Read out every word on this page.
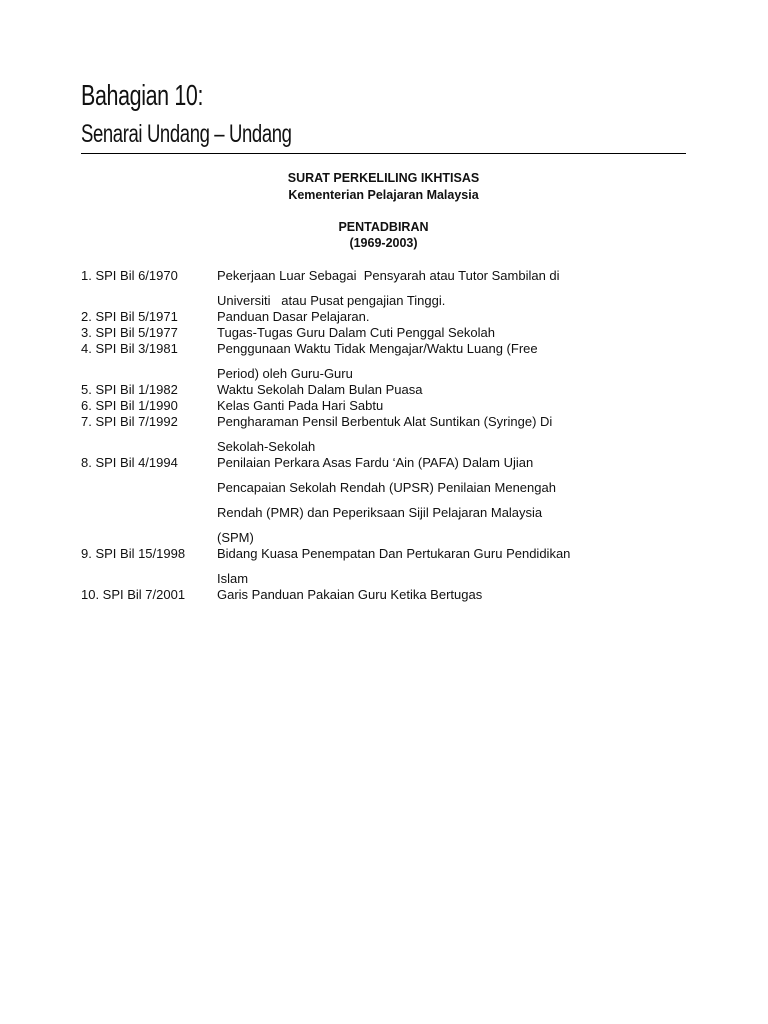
Bahagian 10:
Senarai Undang – Undang
SURAT PERKELILING IKHTISAS
Kementerian Pelajaran Malaysia
PENTADBIRAN
(1969-2003)
1. SPI Bil 6/1970	Pekerjaan Luar Sebagai  Pensyarah atau Tutor Sambilan di
Universiti   atau Pusat pengajian Tinggi.
2. SPI Bil 5/1971	Panduan Dasar Pelajaran.
3. SPI Bil 5/1977	Tugas-Tugas Guru Dalam Cuti Penggal Sekolah
4. SPI Bil 3/1981	Penggunaan Waktu Tidak Mengajar/Waktu Luang (Free
Period) oleh Guru-Guru
5. SPI Bil 1/1982	Waktu Sekolah Dalam Bulan Puasa
6. SPI Bil 1/1990	Kelas Ganti Pada Hari Sabtu
7. SPI Bil 7/1992	Pengharaman Pensil Berbentuk Alat Suntikan (Syringe) Di
Sekolah-Sekolah
8. SPI Bil 4/1994	Penilaian Perkara Asas Fardu ‘Ain (PAFA) Dalam Ujian
Pencapaian Sekolah Rendah (UPSR) Penilaian Menengah
Rendah (PMR) dan Peperiksaan Sijil Pelajaran Malaysia
(SPM)
9. SPI Bil 15/1998	Bidang Kuasa Penempatan Dan Pertukaran Guru Pendidikan
Islam
10. SPI Bil 7/2001	Garis Panduan Pakaian Guru Ketika Bertugas
